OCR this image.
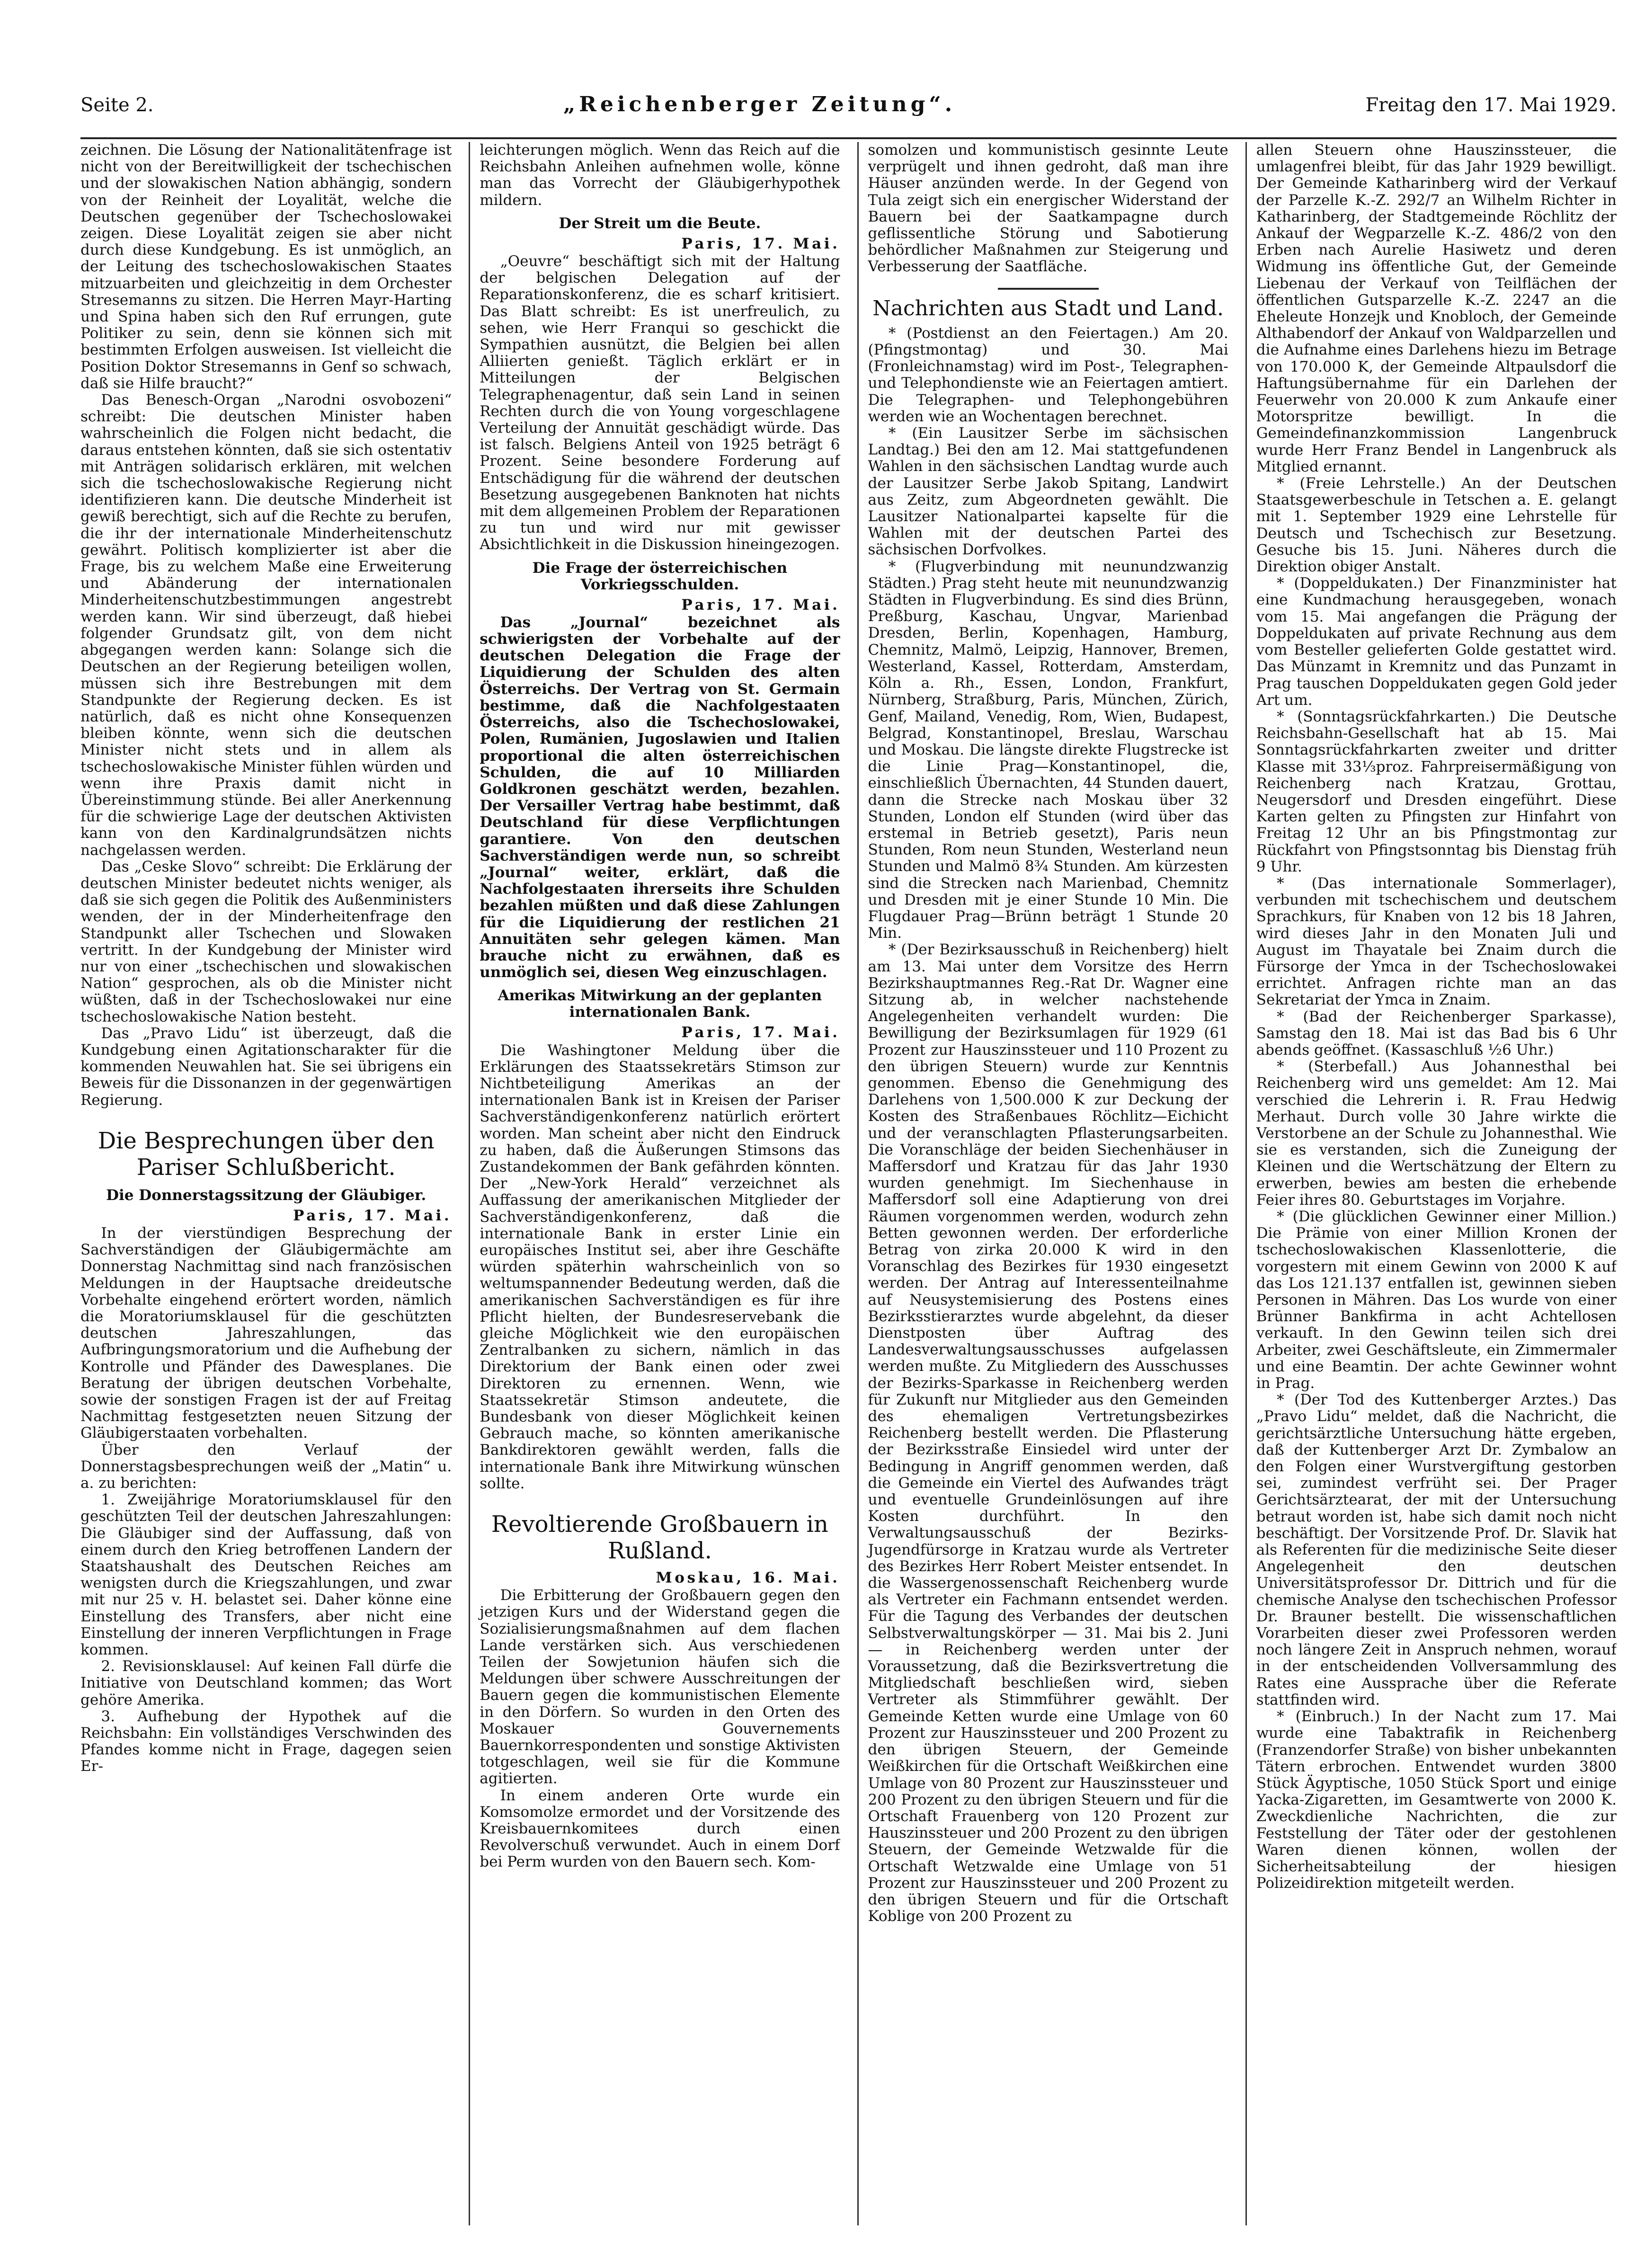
Seite 2.	„Reichenberger Zeitung“.	Freitag den 17. Mai 1929.

zeichnen. Die Lösung der Nationalitätenfrage ist nicht von der Bereitwilligkeit der tschechischen und der slowakischen Nation abhängig, sondern von der Reinheit der Loyalität, welche die Deutschen gegenüber der Tschechoslowakei zeigen. Diese Loyalität zeigen sie aber nicht durch diese Kundgebung. Es ist unmöglich, an der Leitung des tschechoslowakischen Staates mitzuarbeiten und gleichzeitig in dem Orchester Stresemanns zu sitzen. Die Herren Mayr-Harting und Spina haben sich den Ruf errungen, gute Politiker zu sein, denn sie können sich mit bestimmten Erfolgen ausweisen. Ist vielleicht die Position Doktor Stresemanns in Genf so schwach, daß sie Hilfe braucht?“

Das Benesch-Organ „Narodni osvobozeni“ schreibt: Die deutschen Minister haben wahrscheinlich die Folgen nicht bedacht, die daraus entstehen könnten, daß sie sich ostentativ mit Anträgen solidarisch erklären, mit welchen sich die tschechoslowakische Regierung nicht identifizieren kann. Die deutsche Minderheit ist gewiß berechtigt, sich auf die Rechte zu berufen, die ihr der internationale Minderheitenschutz gewährt. Politisch komplizierter ist aber die Frage, bis zu welchem Maße eine Erweiterung und Abänderung der internationalen Minderheitenschutzbestimmungen angestrebt werden kann. Wir sind überzeugt, daß hiebei folgender Grundsatz gilt, von dem nicht abgegangen werden kann: Solange sich die Deutschen an der Regierung beteiligen wollen, müssen sich ihre Bestrebungen mit dem Standpunkte der Regierung decken. Es ist natürlich, daß es nicht ohne Konsequenzen bleiben könnte, wenn sich die deutschen Minister nicht stets und in allem als tschechoslowakische Minister fühlen würden und wenn ihre Praxis damit nicht in Übereinstimmung stünde. Bei aller Anerkennung für die schwierige Lage der deutschen Aktivisten kann von den Kardinalgrundsätzen nichts nachgelassen werden.

Das „Ceske Slovo“ schreibt: Die Erklärung der deutschen Minister bedeutet nichts weniger, als daß sie sich gegen die Politik des Außenministers wenden, der in der Minderheitenfrage den Standpunkt aller Tschechen und Slowaken vertritt. In der Kundgebung der Minister wird nur von einer „tschechischen und slowakischen Nation“ gesprochen, als ob die Minister nicht wüßten, daß in der Tschechoslowakei nur eine tschechoslowakische Nation besteht.

Das „Pravo Lidu“ ist überzeugt, daß die Kundgebung einen Agitationscharakter für die kommenden Neuwahlen hat. Sie sei übrigens ein Beweis für die Dissonanzen in der gegenwärtigen Regierung.

Die Besprechungen über den Pariser Schlußbericht.
Die Donnerstagssitzung der Gläubiger.

Paris, 17. Mai.

In der vierstündigen Besprechung der Sachverständigen der Gläubigermächte am Donnerstag Nachmittag sind nach französischen Meldungen in der Hauptsache dreideutsche Vorbehalte eingehend erörtert worden, nämlich die Moratoriumsklausel für die geschützten deutschen Jahreszahlungen, das Aufbringungsmoratorium und die Aufhebung der Kontrolle und Pfänder des Dawesplanes. Die Beratung der übrigen deutschen Vorbehalte, sowie der sonstigen Fragen ist der auf Freitag Nachmittag festgesetzten neuen Sitzung der Gläubigerstaaten vorbehalten.

Über den Verlauf der Donnerstagsbesprechungen weiß der „Matin“ u. a. zu berichten:

1. Zweijährige Moratoriumsklausel für den geschützten Teil der deutschen Jahreszahlungen: Die Gläubiger sind der Auffassung, daß von einem durch den Krieg betroffenen Landern der Staatshaushalt des Deutschen Reiches am wenigsten durch die Kriegszahlungen, und zwar mit nur 25 v. H. belastet sei. Daher könne eine Einstellung des Transfers, aber nicht eine Einstellung der inneren Verpflichtungen in Frage kommen.

2. Revisionsklausel: Auf keinen Fall dürfe die Initiative von Deutschland kommen; das Wort gehöre Amerika.

3. Aufhebung der Hypothek auf die Reichsbahn: Ein vollständiges Verschwinden des Pfandes komme nicht in Frage, dagegen seien Er-

leichterungen möglich. Wenn das Reich auf die Reichsbahn Anleihen aufnehmen wolle, könne man das Vorrecht der Gläubigerhypothek mildern.

Der Streit um die Beute.

Paris, 17. Mai.

„Oeuvre“ beschäftigt sich mit der Haltung der belgischen Delegation auf der Reparationskonferenz, die es scharf kritisiert. Das Blatt schreibt: Es ist unerfreulich, zu sehen, wie Herr Franqui so geschickt die Sympathien ausnützt, die Belgien bei allen Alliierten genießt. Täglich erklärt er in Mitteilungen der Belgischen Telegraphenagentur, daß sein Land in seinen Rechten durch die von Young vorgeschlagene Verteilung der Annuität geschädigt würde. Das ist falsch. Belgiens Anteil von 1925 beträgt 6 Prozent. Seine besondere Forderung auf Entschädigung für die während der deutschen Besetzung ausgegebenen Banknoten hat nichts mit dem allgemeinen Problem der Reparationen zu tun und wird nur mit gewisser Absichtlichkeit in die Diskussion hineingezogen.

Die Frage der österreichischen Vorkriegsschulden.

Paris, 17. Mai.

Das „Journal“ bezeichnet als schwierigsten der Vorbehalte auf der deutschen Delegation die Frage der Liquidierung der Schulden des alten Österreichs. Der Vertrag von St. Germain bestimme, daß die Nachfolgestaaten Österreichs, also die Tschechoslowakei, Polen, Rumänien, Jugoslawien und Italien proportional die alten österreichischen Schulden, die auf 10 Milliarden Goldkronen geschätzt werden, bezahlen. Der Versailler Vertrag habe bestimmt, daß Deutschland für diese Verpflichtungen garantiere. Von den deutschen Sachverständigen werde nun, so schreibt „Journal“ weiter, erklärt, daß die Nachfolgestaaten ihrerseits ihre Schulden bezahlen müßten und daß diese Zahlungen für die Liquidierung der restlichen 21 Annuitäten sehr gelegen kämen. Man brauche nicht zu erwähnen, daß es unmöglich sei, diesen Weg einzuschlagen.

Amerikas Mitwirkung an der geplanten internationalen Bank.

Paris, 17. Mai.

Die Washingtoner Meldung über die Erklärungen des Staatssekretärs Stimson zur Nichtbeteiligung Amerikas an der internationalen Bank ist in Kreisen der Pariser Sachverständigenkonferenz natürlich erörtert worden. Man scheint aber nicht den Eindruck zu haben, daß die Äußerungen Stimsons das Zustandekommen der Bank gefährden könnten. Der „New-York Herald“ verzeichnet als Auffassung der amerikanischen Mitglieder der Sachverständigenkonferenz, daß die internationale Bank in erster Linie ein europäisches Institut sei, aber ihre Geschäfte würden späterhin wahrscheinlich von so weltumspannender Bedeutung werden, daß die amerikanischen Sachverständigen es für ihre Pflicht hielten, der Bundesreservebank die gleiche Möglichkeit wie den europäischen Zentralbanken zu sichern, nämlich in das Direktorium der Bank einen oder zwei Direktoren zu ernennen. Wenn, wie Staatssekretär Stimson andeutete, die Bundesbank von dieser Möglichkeit keinen Gebrauch mache, so könnten amerikanische Bankdirektoren gewählt werden, falls die internationale Bank ihre Mitwirkung wünschen sollte.

Revoltierende Großbauern in Rußland.

Moskau, 16. Mai.

Die Erbitterung der Großbauern gegen den jetzigen Kurs und der Widerstand gegen die Sozialisierungsmaßnahmen auf dem flachen Lande verstärken sich. Aus verschiedenen Teilen der Sowjetunion häufen sich die Meldungen über schwere Ausschreitungen der Bauern gegen die kommunistischen Elemente in den Dörfern. So wurden in den Orten des Moskauer Gouvernements Bauernkorrespondenten und sonstige Aktivisten totgeschlagen, weil sie für die Kommune agitierten.

In einem anderen Orte wurde ein Komsomolze ermordet und der Vorsitzende des Kreisbauernkomitees durch einen Revolverschuß verwundet. Auch in einem Dorf bei Perm wurden von den Bauern sech. Kom-

somolzen und kommunistisch gesinnte Leute verprügelt und ihnen gedroht, daß man ihre Häuser anzünden werde. In der Gegend von Tula zeigt sich ein energischer Widerstand der Bauern bei der Saatkampagne durch geflissentliche Störung und Sabotierung behördlicher Maßnahmen zur Steigerung und Verbesserung der Saatfläche.

Nachrichten aus Stadt und Land.

* (Postdienst an den Feiertagen.) Am 20. (Pfingstmontag) und 30. Mai (Fronleichnamstag) wird im Post-, Telegraphen- und Telephondienste wie an Feiertagen amtiert. Die Telegraphen- und Telephongebühren werden wie an Wochentagen berechnet.

* (Ein Lausitzer Serbe im sächsischen Landtag.) Bei den am 12. Mai stattgefundenen Wahlen in den sächsischen Landtag wurde auch der Lausitzer Serbe Jakob Spitang, Landwirt aus Zeitz, zum Abgeordneten gewählt. Die Lausitzer Nationalpartei kapselte für die Wahlen mit der deutschen Partei des sächsischen Dorfvolkes.

* (Flugverbindung mit neunundzwanzig Städten.) Prag steht heute mit neunundzwanzig Städten in Flugverbindung. Es sind dies Brünn, Preßburg, Kaschau, Ungvar, Marienbad Dresden, Berlin, Kopenhagen, Hamburg, Chemnitz, Malmö, Leipzig, Hannover, Bremen, Westerland, Kassel, Rotterdam, Amsterdam, Köln a. Rh., Essen, London, Frankfurt, Nürnberg, Straßburg, Paris, München, Zürich, Genf, Mailand, Venedig, Rom, Wien, Budapest, Belgrad, Konstantinopel, Breslau, Warschau und Moskau. Die längste direkte Flugstrecke ist die Linie Prag—Konstantinopel, die, einschließlich Übernachten, 44 Stunden dauert, dann die Strecke nach Moskau über 32 Stunden, London elf Stunden (wird über das erstemal in Betrieb gesetzt), Paris neun Stunden, Rom neun Stunden, Westerland neun Stunden und Malmö 8¾ Stunden. Am kürzesten sind die Strecken nach Marienbad, Chemnitz und Dresden mit je einer Stunde 10 Min. Die Flugdauer Prag—Brünn beträgt 1 Stunde 20 Min.

* (Der Bezirksausschuß in Reichenberg) hielt am 13. Mai unter dem Vorsitze des Herrn Bezirkshauptmannes Reg.-Rat Dr. Wagner eine Sitzung ab, in welcher nachstehende Angelegenheiten verhandelt wurden: Die Bewilligung der Bezirksumlagen für 1929 (61 Prozent zur Hauszinssteuer und 110 Prozent zu den übrigen Steuern) wurde zur Kenntnis genommen. Ebenso die Genehmigung des Darlehens von 1,500.000 K zur Deckung der Kosten des Straßenbaues Röchlitz—Eichicht und der veranschlagten Pflasterungsarbeiten. Die Voranschläge der beiden Siechenhäuser in Maffersdorf und Kratzau für das Jahr 1930 wurden genehmigt. Im Siechenhause in Maffersdorf soll eine Adaptierung von drei Räumen vorgenommen werden, wodurch zehn Betten gewonnen werden. Der erforderliche Betrag von zirka 20.000 K wird in den Voranschlag des Bezirkes für 1930 eingesetzt werden. Der Antrag auf Interessenteilnahme auf Neusystemisierung des Postens eines Bezirksstierarztes wurde abgelehnt, da dieser Dienstposten über Auftrag des Landesverwaltungsausschusses aufgelassen werden mußte. Zu Mitgliedern des Ausschusses der Bezirks-Sparkasse in Reichenberg werden für Zukunft nur Mitglieder aus den Gemeinden des ehemaligen Vertretungsbezirkes Reichenberg bestellt werden. Die Pflasterung der Bezirksstraße Einsiedel wird unter der Bedingung in Angriff genommen werden, daß die Gemeinde ein Viertel des Aufwandes trägt und eventuelle Grundeinlösungen auf ihre Kosten durchführt. In den Verwaltungsausschuß der Bezirks-Jugendfürsorge in Kratzau wurde als Vertreter des Bezirkes Herr Robert Meister entsendet. In die Wassergenossenschaft Reichenberg wurde als Vertreter ein Fachmann entsendet werden. Für die Tagung des Verbandes der deutschen Selbstverwaltungskörper — 31. Mai bis 2. Juni — in Reichenberg werden unter der Voraussetzung, daß die Bezirksvertretung die Mitgliedschaft beschließen wird, sieben Vertreter als Stimmführer gewählt. Der Gemeinde Ketten wurde eine Umlage von 60 Prozent zur Hauszinssteuer und 200 Prozent zu den übrigen Steuern, der Gemeinde Weißkirchen für die Ortschaft Weißkirchen eine Umlage von 80 Prozent zur Hauszinssteuer und 200 Prozent zu den übrigen Steuern und für die Ortschaft Frauenberg von 120 Prozent zur Hauszinssteuer und 200 Prozent zu den übrigen Steuern, der Gemeinde Wetzwalde für die Ortschaft Wetzwalde eine Umlage von 51 Prozent zur Hauszinssteuer und 200 Prozent zu den übrigen Steuern und für die Ortschaft Koblige von 200 Prozent zu

allen Steuern ohne Hauszinssteuer, die umlagenfrei bleibt, für das Jahr 1929 bewilligt. Der Gemeinde Katharinberg wird der Verkauf der Parzelle K.-Z. 292/7 an Wilhelm Richter in Katharinberg, der Stadtgemeinde Röchlitz der Ankauf der Wegparzelle K.-Z. 486/2 von den Erben nach Aurelie Hasiwetz und deren Widmung ins öffentliche Gut, der Gemeinde Liebenau der Verkauf von Teilflächen der öffentlichen Gutsparzelle K.-Z. 2247 an die Eheleute Honzejk und Knobloch, der Gemeinde Althabendorf der Ankauf von Waldparzellen und die Aufnahme eines Darlehens hiezu im Betrage von 170.000 K, der Gemeinde Altpaulsdorf die Haftungsübernahme für ein Darlehen der Feuerwehr von 20.000 K zum Ankaufe einer Motorspritze bewilligt. In die Gemeindefinanzkommission Langenbruck wurde Herr Franz Bendel in Langenbruck als Mitglied ernannt.

* (Freie Lehrstelle.) An der Deutschen Staatsgewerbeschule in Tetschen a. E. gelangt mit 1. September 1929 eine Lehrstelle für Deutsch und Tschechisch zur Besetzung. Gesuche bis 15. Juni. Näheres durch die Direktion obiger Anstalt.

* (Doppeldukaten.) Der Finanzminister hat eine Kundmachung herausgegeben, wonach vom 15. Mai angefangen die Prägung der Doppeldukaten auf private Rechnung aus dem vom Besteller gelieferten Golde gestattet wird. Das Münzamt in Kremnitz und das Punzamt in Prag tauschen Doppeldukaten gegen Gold jeder Art um.

* (Sonntagsrückfahrkarten.) Die Deutsche Reichsbahn-Gesellschaft hat ab 15. Mai Sonntagsrückfahrkarten zweiter und dritter Klasse mit 33⅓proz. Fahrpreisermäßigung von Reichenberg nach Kratzau, Grottau, Neugersdorf und Dresden eingeführt. Diese Karten gelten zu Pfingsten zur Hinfahrt von Freitag 12 Uhr an bis Pfingstmontag zur Rückfahrt von Pfingstsonntag bis Dienstag früh 9 Uhr.

* (Das internationale Sommerlager), verbunden mit tschechischem und deutschem Sprachkurs, für Knaben von 12 bis 18 Jahren, wird dieses Jahr in den Monaten Juli und August im Thayatale bei Znaim durch die Fürsorge der Ymca in der Tschechoslowakei errichtet. Anfragen richte man an das Sekretariat der Ymca in Znaim.

* (Bad der Reichenberger Sparkasse), Samstag den 18. Mai ist das Bad bis 6 Uhr abends geöffnet. (Kassaschluß ½6 Uhr.)

* (Sterbefall.) Aus Johannesthal bei Reichenberg wird uns gemeldet: Am 12. Mai verschied die Lehrerin i. R. Frau Hedwig Merhaut. Durch volle 30 Jahre wirkte die Verstorbene an der Schule zu Johannesthal. Wie sie es verstanden, sich die Zuneigung der Kleinen und die Wertschätzung der Eltern zu erwerben, bewies am besten die erhebende Feier ihres 80. Geburtstages im Vorjahre.

* (Die glücklichen Gewinner einer Million.) Die Prämie von einer Million Kronen der tschechoslowakischen Klassenlotterie, die vorgestern mit einem Gewinn von 2000 K auf das Los 121.137 entfallen ist, gewinnen sieben Personen in Mähren. Das Los wurde von einer Brünner Bankfirma in acht Achtellosen verkauft. In den Gewinn teilen sich drei Arbeiter, zwei Geschäftsleute, ein Zimmermaler und eine Beamtin. Der achte Gewinner wohnt in Prag.

* (Der Tod des Kuttenberger Arztes.) Das „Pravo Lidu“ meldet, daß die Nachricht, die gerichtsärztliche Untersuchung hätte ergeben, daß der Kuttenberger Arzt Dr. Zymbalow an den Folgen einer Wurstvergiftung gestorben sei, zumindest verfrüht sei. Der Prager Gerichtsärztearat, der mit der Untersuchung betraut worden ist, habe sich damit noch nicht beschäftigt. Der Vorsitzende Prof. Dr. Slavik hat als Referenten für die medizinische Seite dieser Angelegenheit den deutschen Universitätsprofessor Dr. Dittrich und für die chemische Analyse den tschechischen Professor Dr. Brauner bestellt. Die wissenschaftlichen Vorarbeiten dieser zwei Professoren werden noch längere Zeit in Anspruch nehmen, worauf in der entscheidenden Vollversammlung des Rates eine Aussprache über die Referate stattfinden wird.

* (Einbruch.) In der Nacht zum 17. Mai wurde eine Tabaktrafik in Reichenberg (Franzendorfer Straße) von bisher unbekannten Tätern erbrochen. Entwendet wurden 3800 Stück Ägyptische, 1050 Stück Sport und einige Yacka-Zigaretten, im Gesamtwerte von 2000 K. Zweckdienliche Nachrichten, die zur Feststellung der Täter oder der gestohlenen Waren dienen können, wollen der Sicherheitsabteilung der hiesigen Polizeidirektion mitgeteilt werden.
